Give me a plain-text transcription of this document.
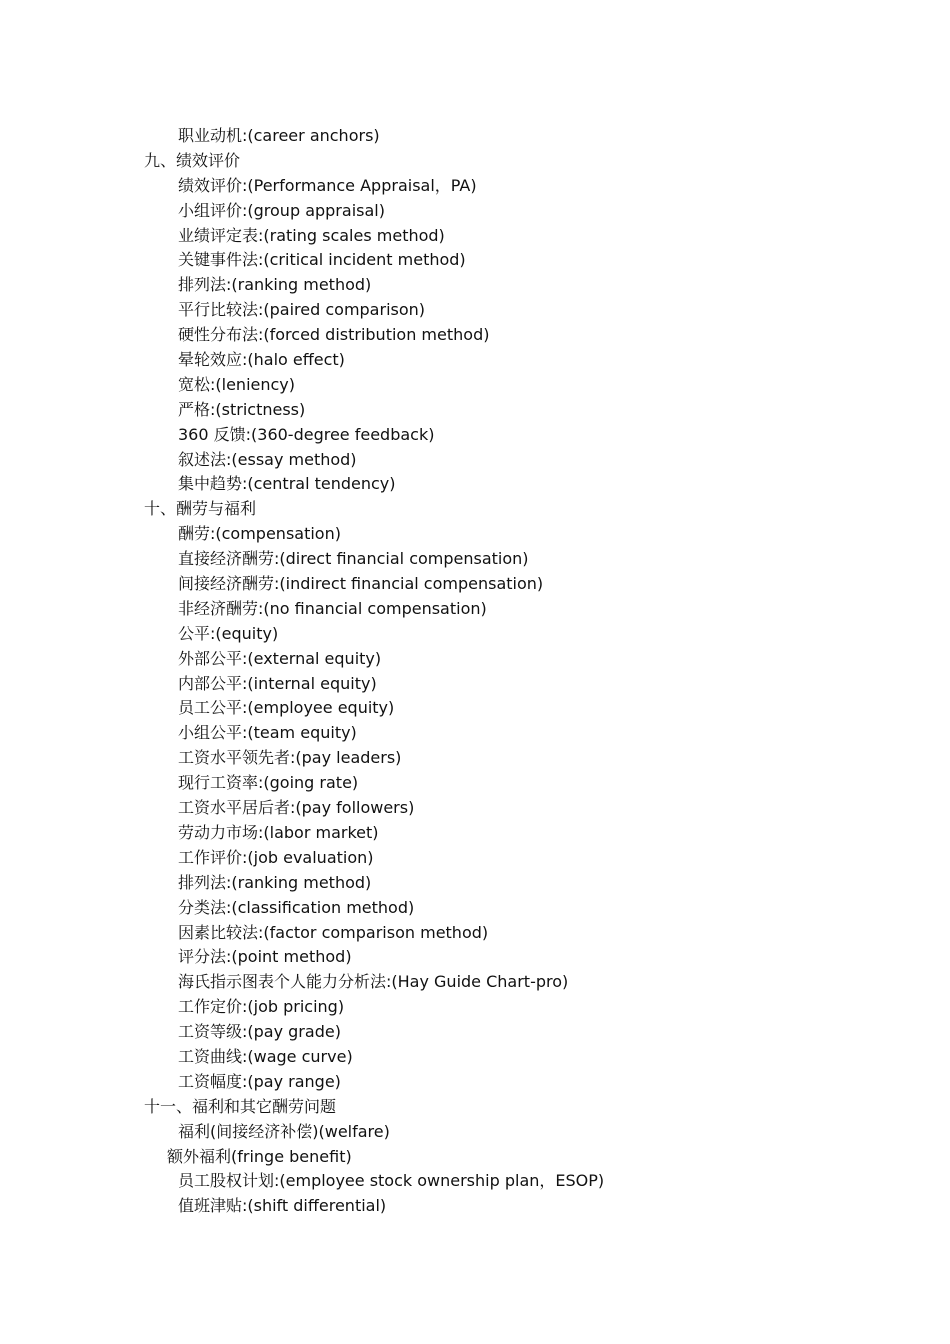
职业动机:(career anchors)
九、绩效评价
绩效评价:(Performance Appraisal，PA)
小组评价:(group appraisal)
业绩评定表:(rating scales method)
关键事件法:(critical incident method)
排列法:(ranking method)
平行比较法:(paired comparison)
硬性分布法:(forced distribution method)
晕轮效应:(halo effect)
宽松:(leniency)
严格:(strictness)
360 反馈:(360-degree feedback)
叙述法:(essay method)
集中趋势:(central tendency)
十、酬劳与福利
酬劳:(compensation)
直接经济酬劳:(direct financial compensation)
间接经济酬劳:(indirect financial compensation)
非经济酬劳:(no financial compensation)
公平:(equity)
外部公平:(external equity)
内部公平:(internal equity)
员工公平:(employee equity)
小组公平:(team equity)
工资水平领先者:(pay leaders)
现行工资率:(going rate)
工资水平居后者:(pay followers)
劳动力市场:(labor market)
工作评价:(job evaluation)
排列法:(ranking method)
分类法:(classification method)
因素比较法:(factor comparison method)
评分法:(point method)
海氏指示图表个人能力分析法:(Hay Guide Chart-pro)
工作定价:(job pricing)
工资等级:(pay grade)
工资曲线:(wage curve)
工资幅度:(pay range)
十一、福利和其它酬劳问题
福利(间接经济补偿)(welfare)
额外福利(fringe benefit)
员工股权计划:(employee stock ownership plan，ESOP)
值班津贴:(shift differential)
